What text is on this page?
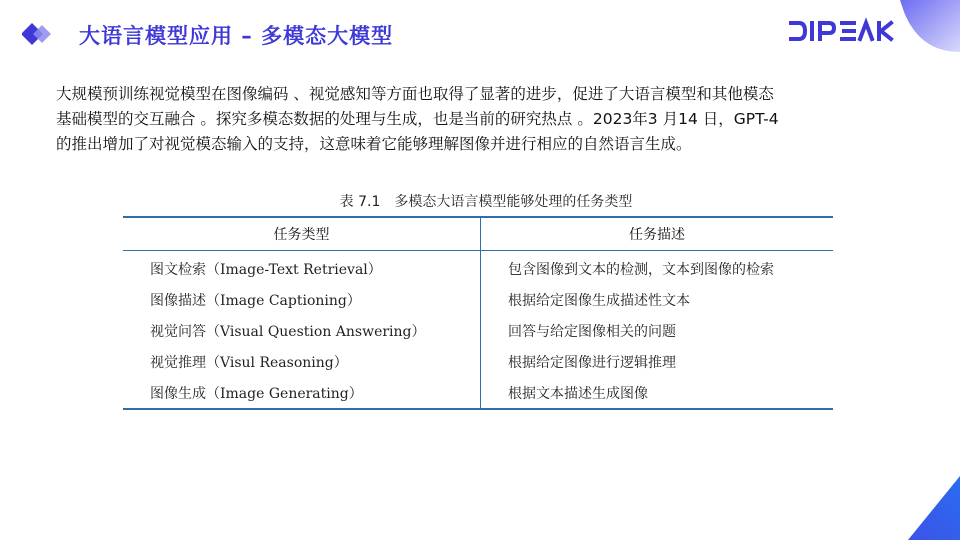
大语言模型应用 – 多模态大模型
大规模预训练视觉模型在图像编码 、视觉感知等方面也取得了显著的进步，促进了大语言模型和其他模态
基础模型的交互融合 。探究多模态数据的处理与生成，也是当前的研究热点 。2023年3 月14 日，GPT-4
的推出增加了对视觉模态输入的支持，这意味着它能够理解图像并进行相应的自然语言生成。
表 7.1　多模态大语言模型能够处理的任务类型
任务类型	任务描述
图文检索（Image-Text Retrieval）	包含图像到文本的检测，文本到图像的检索
图像描述（Image Captioning）	根据给定图像生成描述性文本
视觉问答（Visual Question Answering）	回答与给定图像相关的问题
视觉推理（Visul Reasoning）	根据给定图像进行逻辑推理
图像生成（Image Generating）	根据文本描述生成图像
